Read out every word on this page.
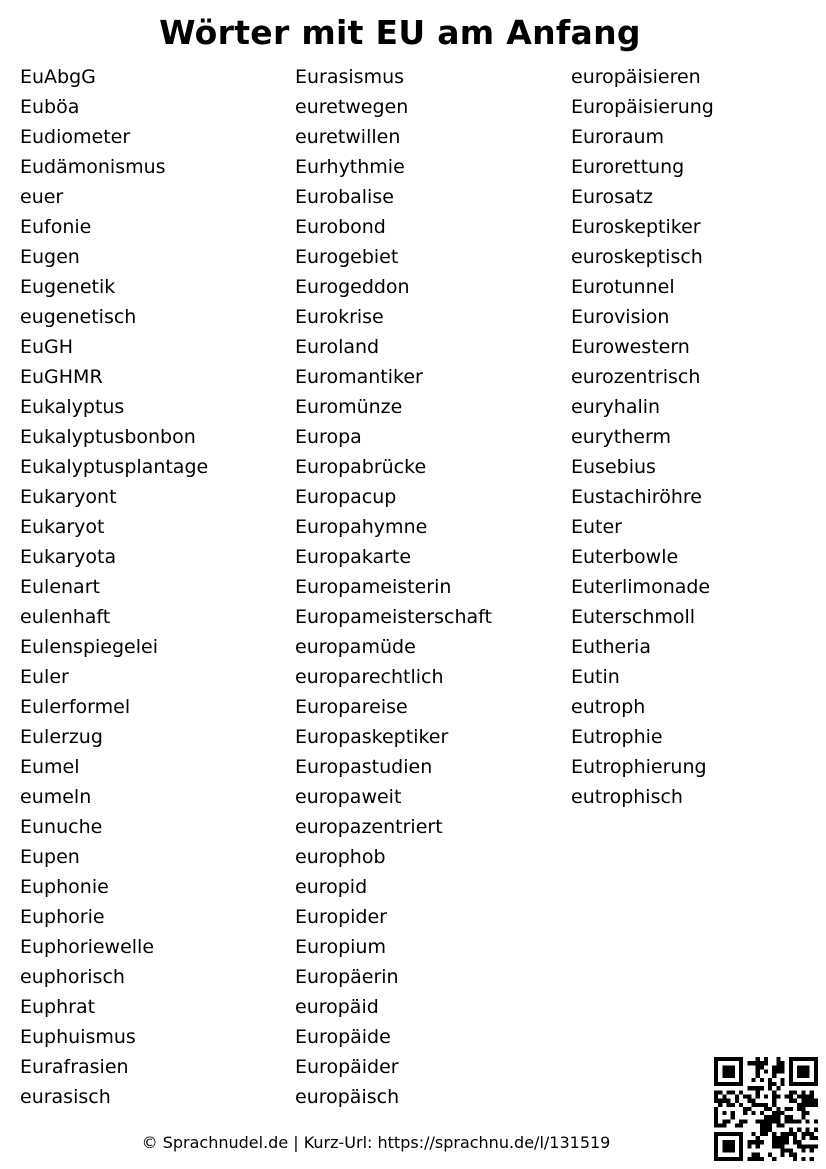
Wörter mit EU am Anfang
EuAbgG
Euböa
Eudiometer
Eudämonismus
euer
Eufonie
Eugen
Eugenetik
eugenetisch
EuGH
EuGHMR
Eukalyptus
Eukalyptusbonbon
Eukalyptusplantage
Eukaryont
Eukaryot
Eukaryota
Eulenart
eulenhaft
Eulenspiegelei
Euler
Eulerformel
Eulerzug
Eumel
eumeln
Eunuche
Eupen
Euphonie
Euphorie
Euphoriewelle
euphorisch
Euphrat
Euphuismus
Eurafrasien
eurasisch
Eurasismus
euretwegen
euretwillen
Eurhythmie
Eurobalise
Eurobond
Eurogebiet
Eurogeddon
Eurokrise
Euroland
Euromantiker
Euromünze
Europa
Europabrücke
Europacup
Europahymne
Europakarte
Europameisterin
Europameisterschaft
europamüde
europarechtlich
Europareise
Europaskeptiker
Europastudien
europaweit
europazentriert
europhob
europid
Europider
Europium
Europäerin
europäid
Europäide
Europäider
europäisch
europäisieren
Europäisierung
Euroraum
Eurorettung
Eurosatz
Euroskeptiker
euroskeptisch
Eurotunnel
Eurovision
Eurowestern
eurozentrisch
euryhalin
eurytherm
Eusebius
Eustachiröhre
Euter
Euterbowle
Euterlimonade
Euterschmoll
Eutheria
Eutin
eutroph
Eutrophie
Eutrophierung
eutrophisch
© Sprachnudel.de | Kurz-Url: https://sprachnu.de/l/131519
